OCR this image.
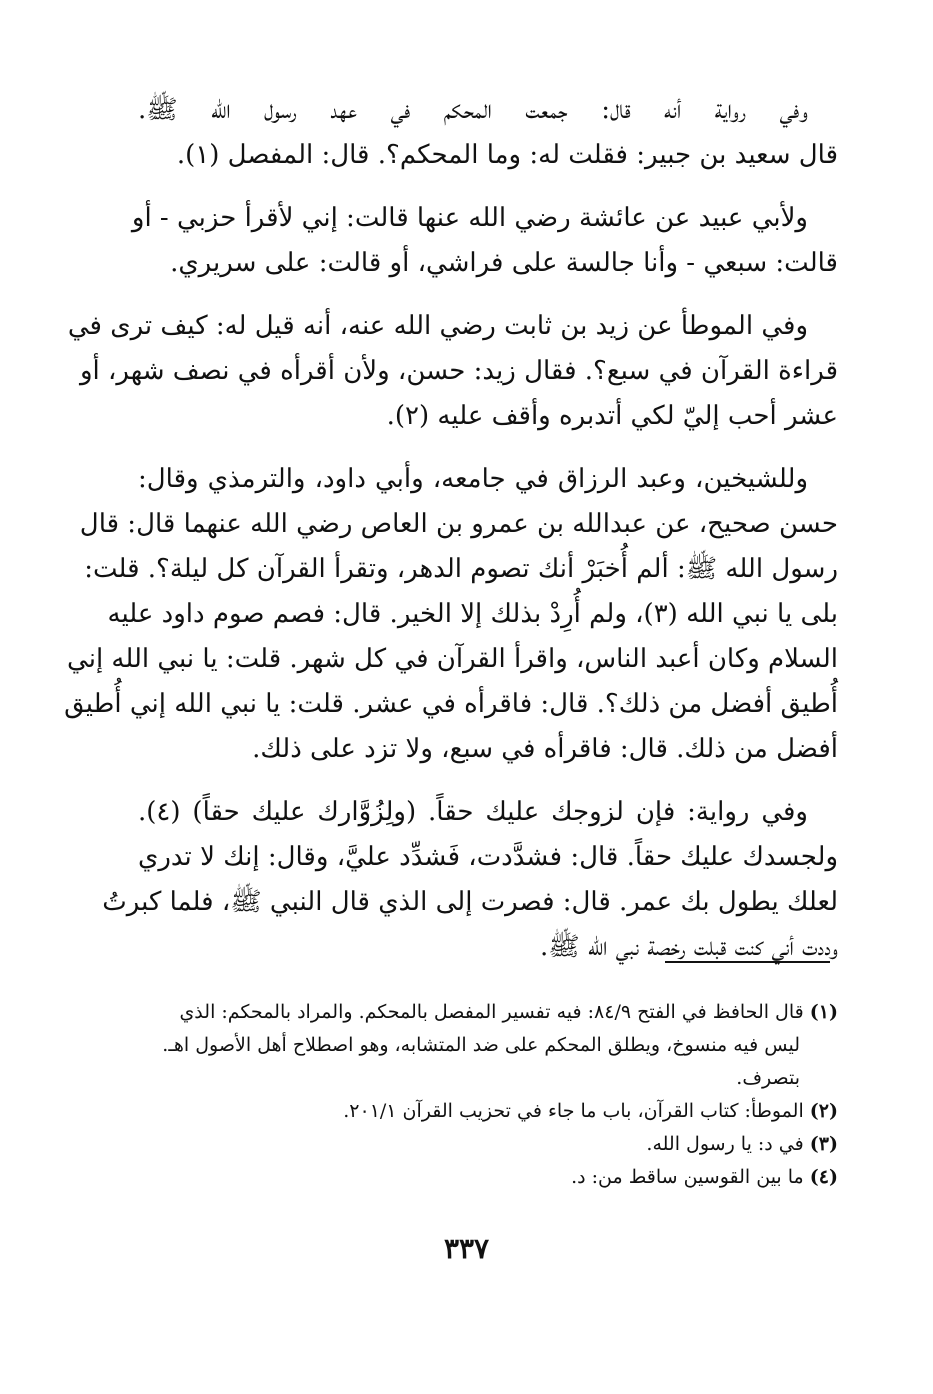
وفي رواية أنه قال: جمعت المحكم في عهد رسول الله ﷺ.
قال سعيد بن جبير: فقلت له: وما المحكم؟. قال: المفصل (١).
ولأبي عبيد عن عائشة رضي الله عنها قالت: إني لأقرأ حزبي - أو
قالت: سبعي - وأنا جالسة على فراشي، أو قالت: على سريري.
وفي الموطأ عن زيد بن ثابت رضي الله عنه، أنه قيل له: كيف ترى في
قراءة القرآن في سبع؟. فقال زيد: حسن، ولأن أقرأه في نصف شهر، أو
عشر أحب إليّ لكي أتدبره وأقف عليه (٢).
وللشيخين، وعبد الرزاق في جامعه، وأبي داود، والترمذي وقال:
حسن صحيح، عن عبدالله بن عمرو بن العاص رضي الله عنهما قال: قال
رسول الله ﷺ: ألم أُخبَرْ أنك تصوم الدهر، وتقرأ القرآن كل ليلة؟. قلت:
بلى يا نبي الله (٣)، ولم أُرِدْ بذلك إلا الخير. قال: فصم صوم داود عليه
السلام وكان أعبد الناس، واقرأ القرآن في كل شهر. قلت: يا نبي الله إني
أُطيق أفضل من ذلك؟. قال: فاقرأه في عشر. قلت: يا نبي الله إني أُطيق
أفضل من ذلك. قال: فاقرأه في سبع، ولا تزد على ذلك.
وفي رواية: فإن لزوجك عليك حقاً. (ولِزُوَّارك عليك حقاً) (٤).
ولجسدك عليك حقاً. قال: فشدَّدت، فَشدِّد عليَّ، وقال: إنك لا تدري
لعلك يطول بك عمر. قال: فصرت إلى الذي قال النبي ﷺ، فلما كبرتُ
وددت أني كنت قبلت رخصة نبي الله ﷺ.
(١) قال الحافظ في الفتح ٨٤/٩: فيه تفسير المفصل بالمحكم. والمراد بالمحكم: الذي
ليس فيه منسوخ، ويطلق المحكم على ضد المتشابه، وهو اصطلاح أهل الأصول اهـ.
بتصرف.
(٢) الموطأ: كتاب القرآن، باب ما جاء في تحزيب القرآن ٢٠١/١.
(٣) في د: يا رسول الله.
(٤) ما بين القوسين ساقط من: د.
٣٣٧
